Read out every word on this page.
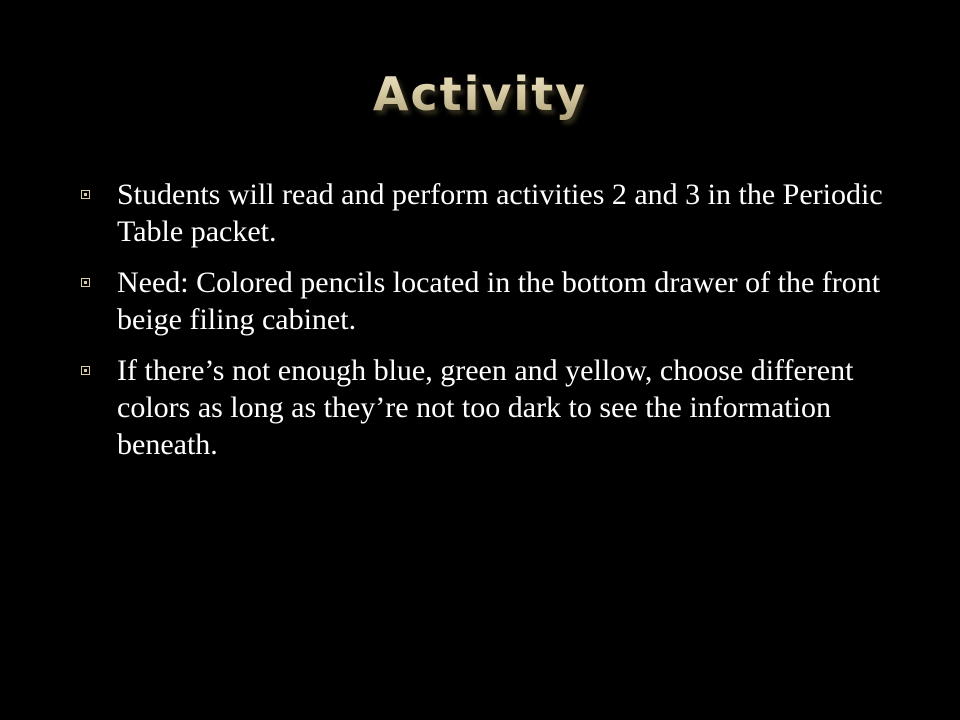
Activity
Students will read and perform activities 2 and 3 in the Periodic Table packet.
Need: Colored pencils located in the bottom drawer of the front beige filing cabinet.
If there’s not enough blue, green and yellow, choose different colors as long as they’re not too dark to see the information beneath.
